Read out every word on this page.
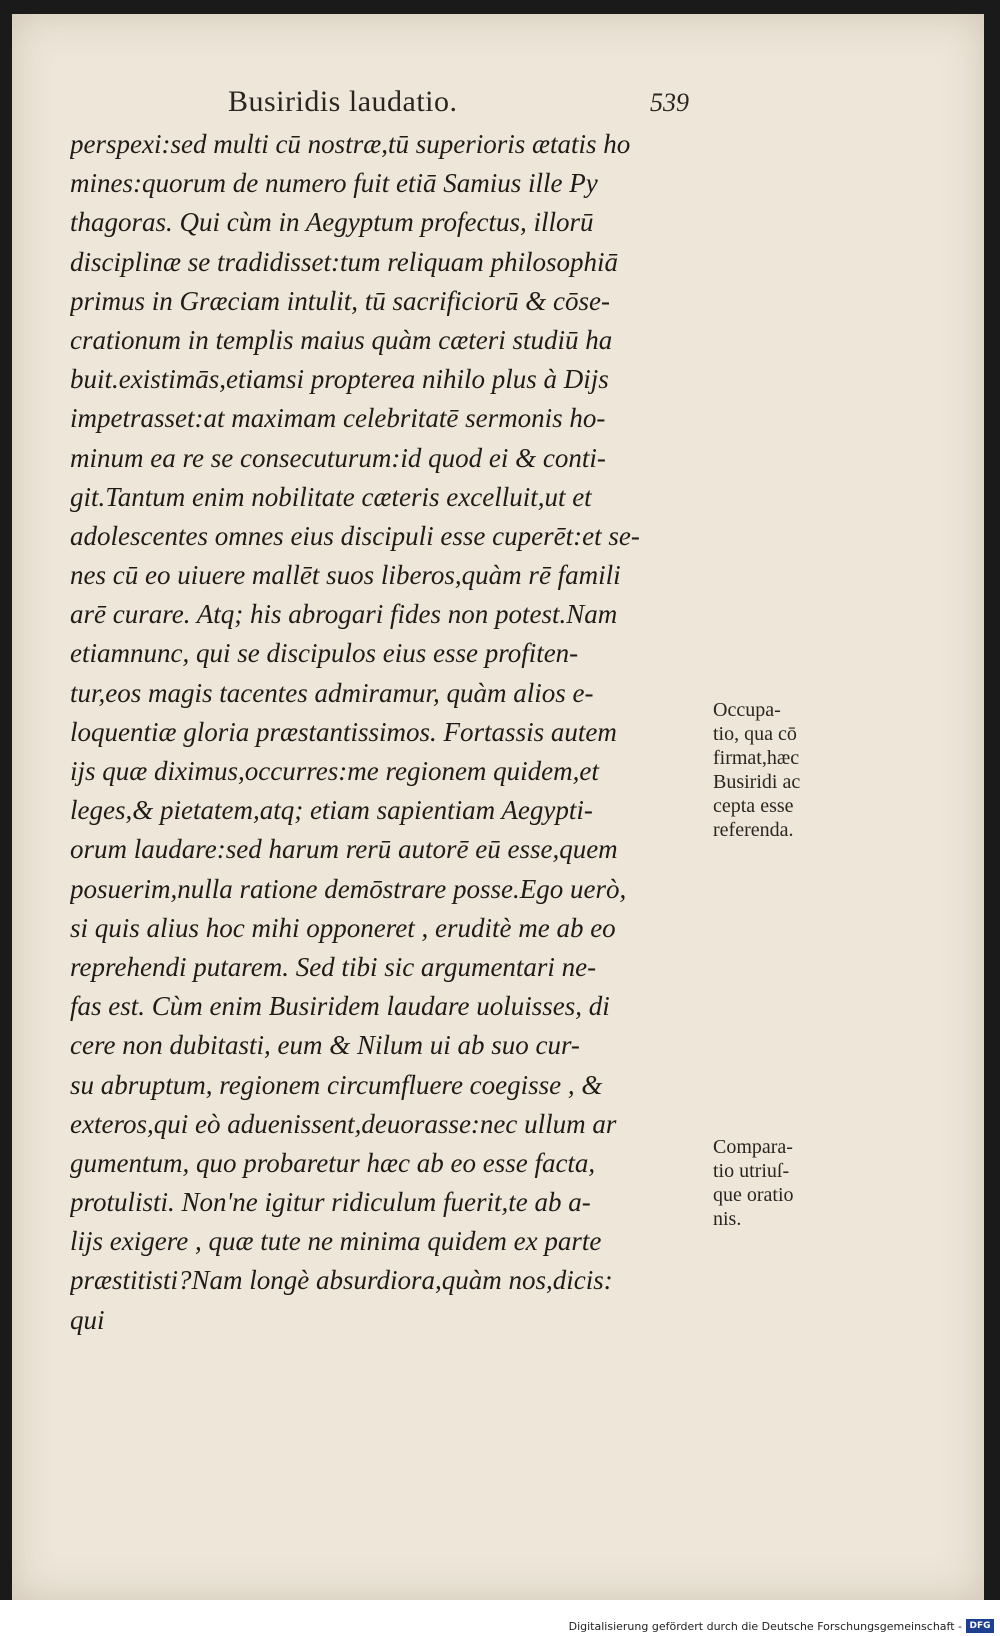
Busiridis laudatio.	539
perspexi:sed multi cū nostræ,tū superioris ætatis ho
mines:quorum de numero fuit etiā Samius ille Py
thagoras. Qui cùm in Aegyptum profectus, illorū
disciplinæ se tradidisset:tum reliquam philosophiā
primus in Græciam intulit, tū sacrificiorū & cōse-
crationum in templis maius quàm cæteri studiū ha
buit.existimās,etiamsi propterea nihilo plus à Dijs
impetrasset:at maximam celebritatē sermonis ho-
minum ea re se consecuturum:id quod ei & conti-
git.Tantum enim nobilitate cæteris excelluit,ut et
adolescentes omnes eius discipuli esse cuperēt:et se-
nes cū eo uiuere mallēt suos liberos,quàm rē famili
arē curare. Atq; his abrogari fides non potest.Nam
etiamnunc, qui se discipulos eius esse profiten-
tur,eos magis tacentes admiramur, quàm alios e-
loquentiæ gloria præstantissimos. Fortassis autem
ijs quæ diximus,occurres:me regionem quidem,et
leges,& pietatem,atq; etiam sapientiam Aegypti-
orum laudare:sed harum rerū autorē eū esse,quem
posuerim,nulla ratione demōstrare posse.Ego uerò,
si quis alius hoc mihi opponeret , eruditè me ab eo
reprehendi putarem. Sed tibi sic argumentari ne-
fas est. Cùm enim Busiridem laudare uoluisses, di
cere non dubitasti, eum & Nilum ui ab suo cur-
su abruptum, regionem circumfluere coegisse , &
exteros,qui eò aduenissent,deuorasse:nec ullum ar
gumentum, quo probaretur hæc ab eo esse facta,
protulisti. Non'ne igitur ridiculum fuerit,te ab a-
lijs exigere , quæ tute ne minima quidem ex parte
præstitisti?Nam longè absurdiora,quàm nos,dicis:
qui
Occupa-
tio, qua cō
firmat,hæc
Busiridi ac
cepta esse
referenda.
Compara-
tio utriuſ-
que oratio
nis.
Digitalisierung gefördert durch die Deutsche Forschungsgemeinschaft - DFG
